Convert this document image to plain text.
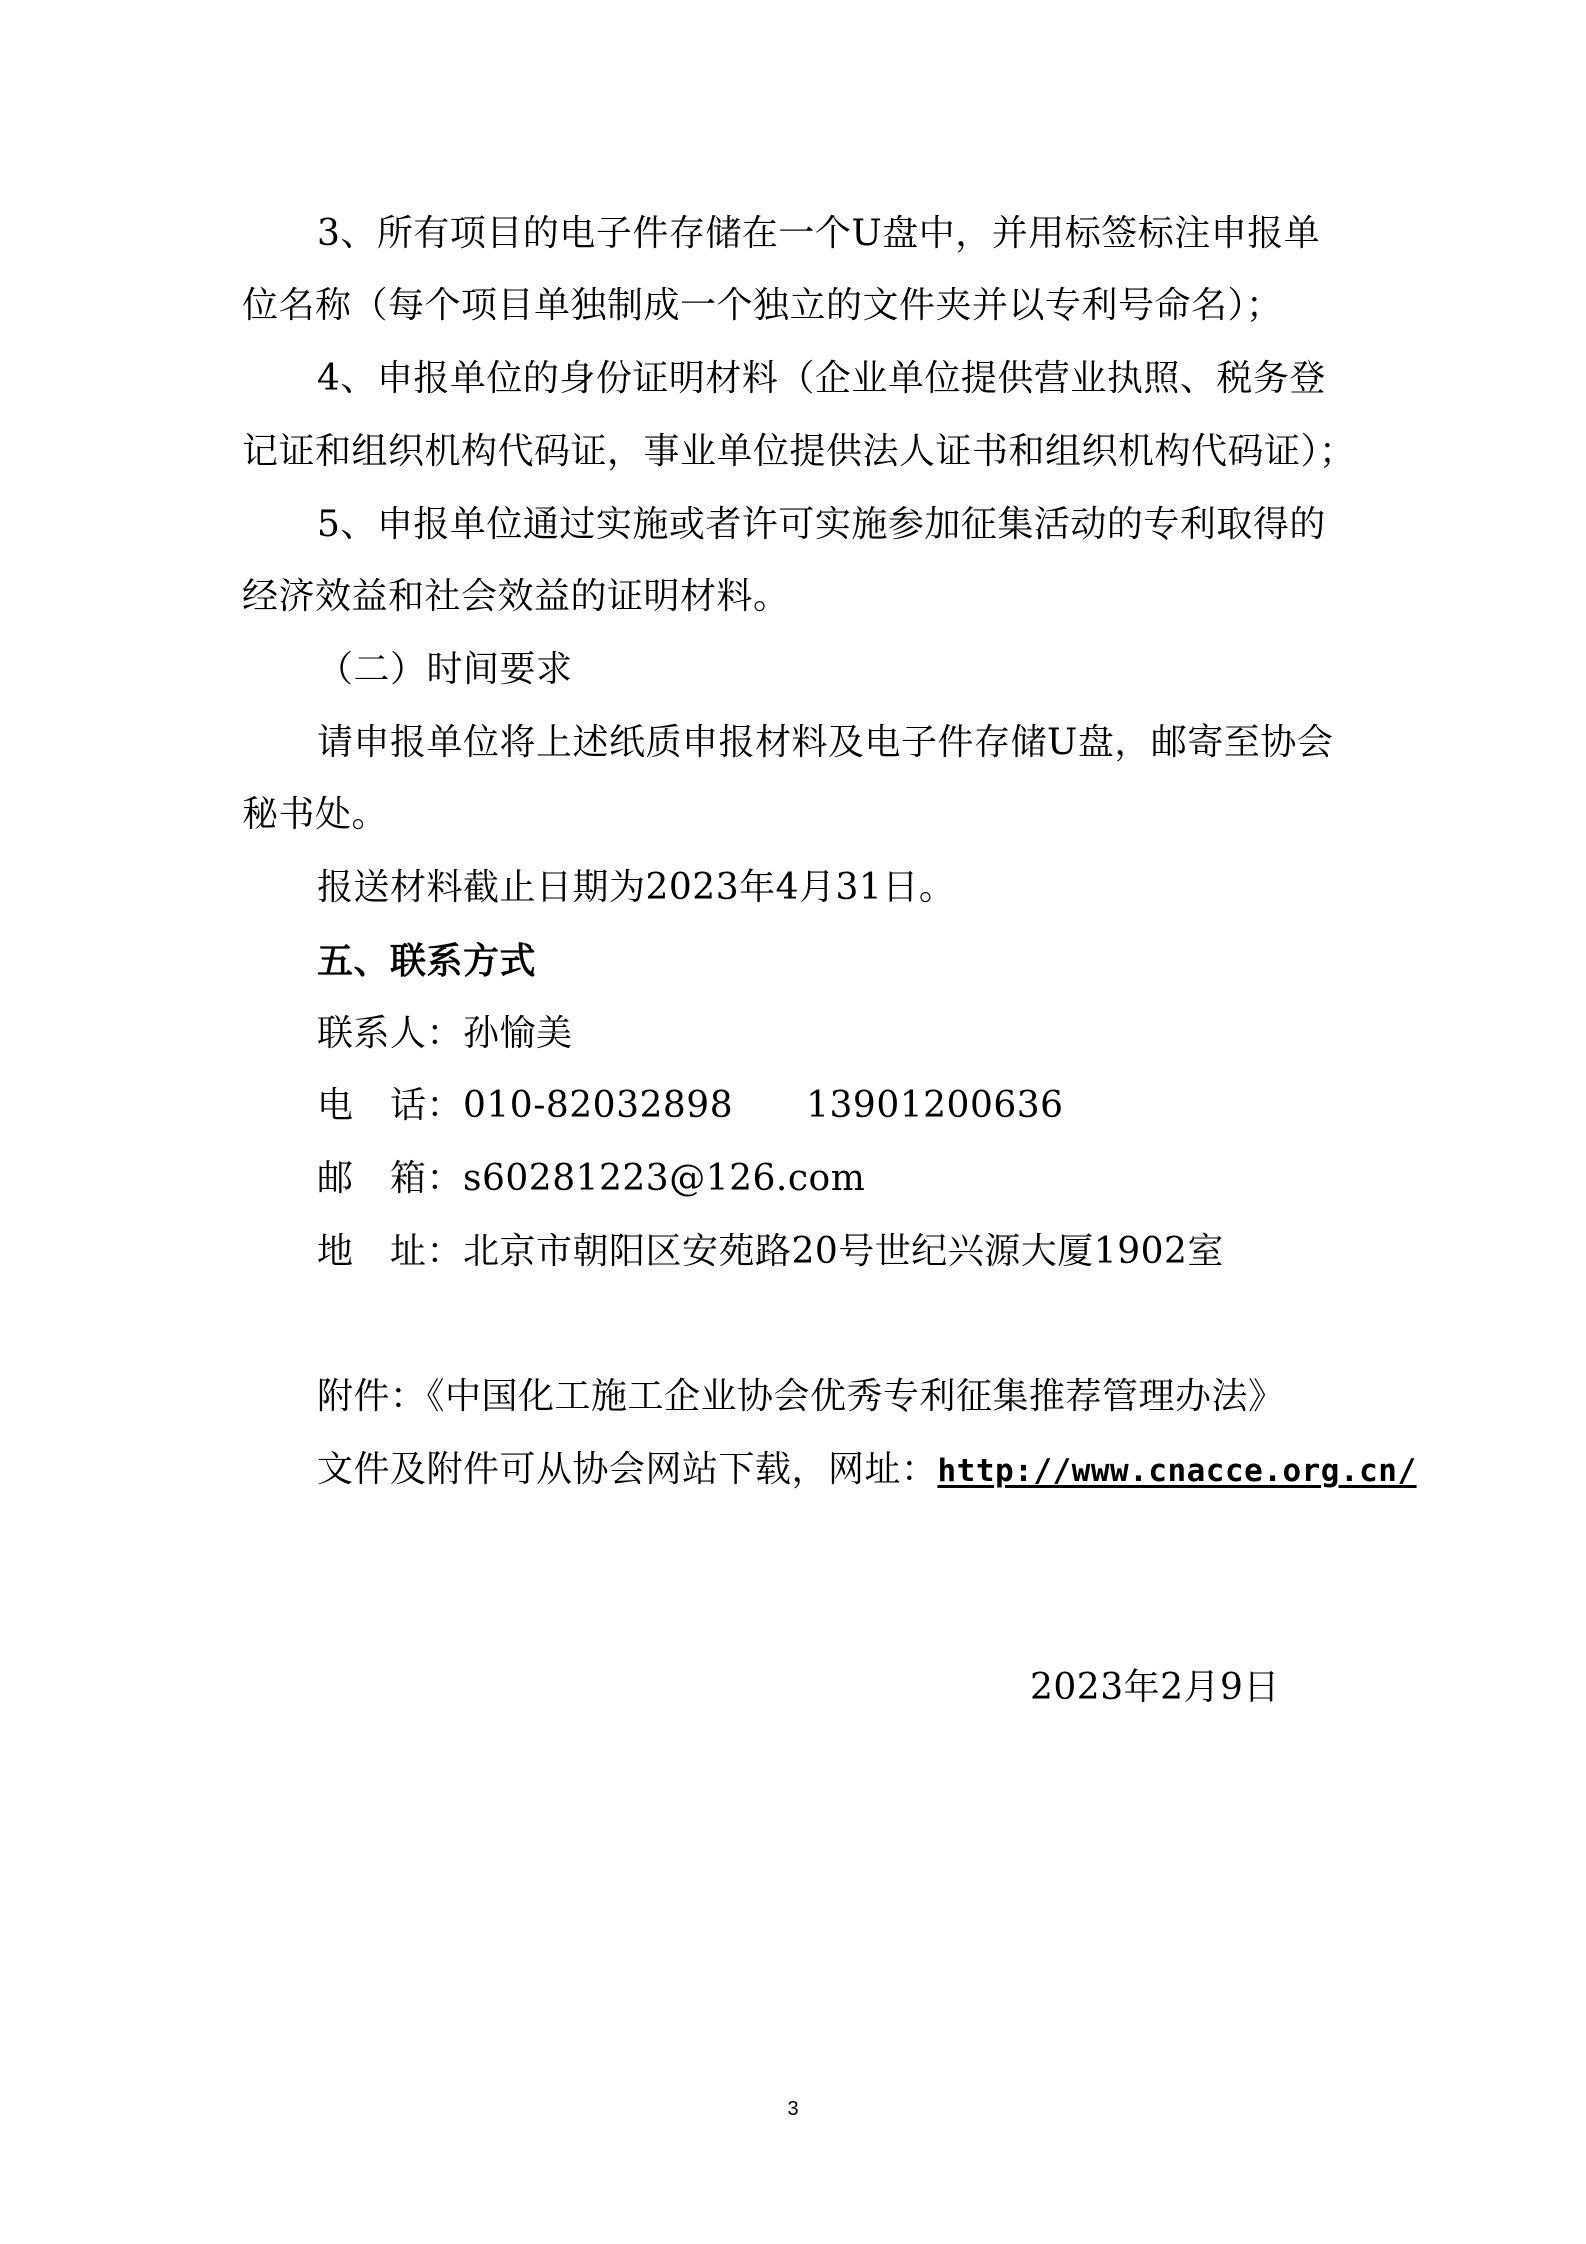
3、所有项目的电子件存储在一个U盘中，并用标签标注申报单
位名称（每个项目单独制成一个独立的文件夹并以专利号命名）；
4、申报单位的身份证明材料（企业单位提供营业执照、税务登
记证和组织机构代码证，事业单位提供法人证书和组织机构代码证）；
5、申报单位通过实施或者许可实施参加征集活动的专利取得的
经济效益和社会效益的证明材料。
（二）时间要求
请申报单位将上述纸质申报材料及电子件存储U盘，邮寄至协会
秘书处。
报送材料截止日期为2023年4月31日。
五、联系方式
联系人：孙愉美
电　话：010-82032898　　13901200636
邮　箱：s60281223@126.com
地　址：北京市朝阳区安苑路20号世纪兴源大厦1902室
附件：《中国化工施工企业协会优秀专利征集推荐管理办法》
文件及附件可从协会网站下载，网址：http://www.cnacce.org.cn/
2023年2月9日
3
